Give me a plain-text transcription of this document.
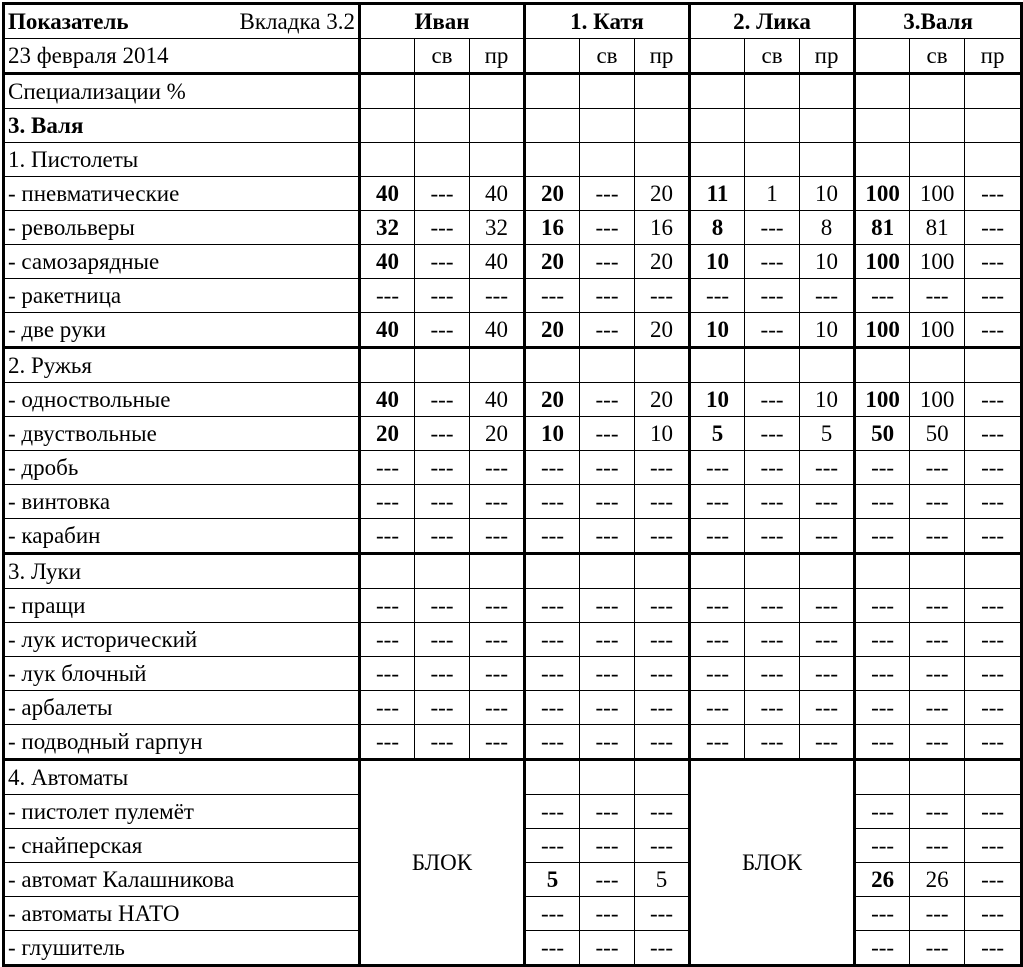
Показатель Вкладка 3.2	Иван			1. Катя			2. Лика			3.Валя		
23 февраля 2014		св	пр		св	пр		св	пр		св	пр
Специализации %												
3. Валя												
1. Пистолеты												
- пневматические	40	---	40	20	---	20	11	1	10	100	100	---
- револьверы	32	---	32	16	---	16	8	---	8	81	81	---
- самозарядные	40	---	40	20	---	20	10	---	10	100	100	---
- ракетница	---	---	---	---	---	---	---	---	---	---	---	---
- две руки	40	---	40	20	---	20	10	---	10	100	100	---
2. Ружья												
- одноствольные	40	---	40	20	---	20	10	---	10	100	100	---
- двуствольные	20	---	20	10	---	10	5	---	5	50	50	---
- дробь	---	---	---	---	---	---	---	---	---	---	---	---
- винтовка	---	---	---	---	---	---	---	---	---	---	---	---
- карабин	---	---	---	---	---	---	---	---	---	---	---	---
3. Луки												
- пращи	---	---	---	---	---	---	---	---	---	---	---	---
- лук исторический	---	---	---	---	---	---	---	---	---	---	---	---
- лук блочный	---	---	---	---	---	---	---	---	---	---	---	---
- арбалеты	---	---	---	---	---	---	---	---	---	---	---	---
- подводный гарпун	---	---	---	---	---	---	---	---	---	---	---	---
4. Автоматы	БЛОК						БЛОК					
- пистолет пулемёт				---	---	---				---	---	---
- снайперская				---	---	---				---	---	---
- автомат Калашникова				5	---	5				26	26	---
- автоматы НАТО				---	---	---				---	---	---
- глушитель				---	---	---				---	---	---
